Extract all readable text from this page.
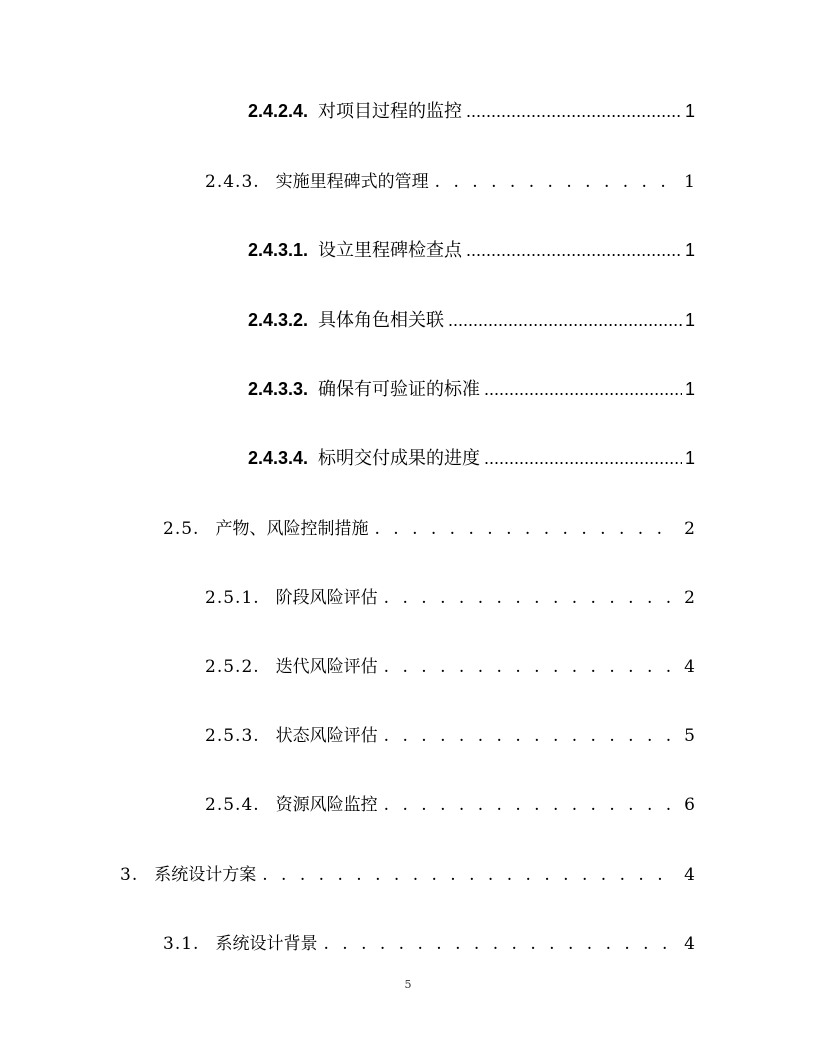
2.4.2.4. 对项目过程的监控 .....	1
2.4.3. 实施里程碑式的管理 . . .	1
2.4.3.1. 设立里程碑检查点 .....	1
2.4.3.2. 具体角色相关联 .....	1
2.4.3.3. 确保有可验证的标准 .....	1
2.4.3.4. 标明交付成果的进度 .....	1
2.5. 产物、风险控制措施 . . .	2
2.5.1. 阶段风险评估 . . .	2
2.5.2. 迭代风险评估 . . .	4
2.5.3. 状态风险评估 . . .	5
2.5.4. 资源风险监控 . . .	6
3. 系统设计方案 . . .	4
3.1. 系统设计背景 . . .	4
5
